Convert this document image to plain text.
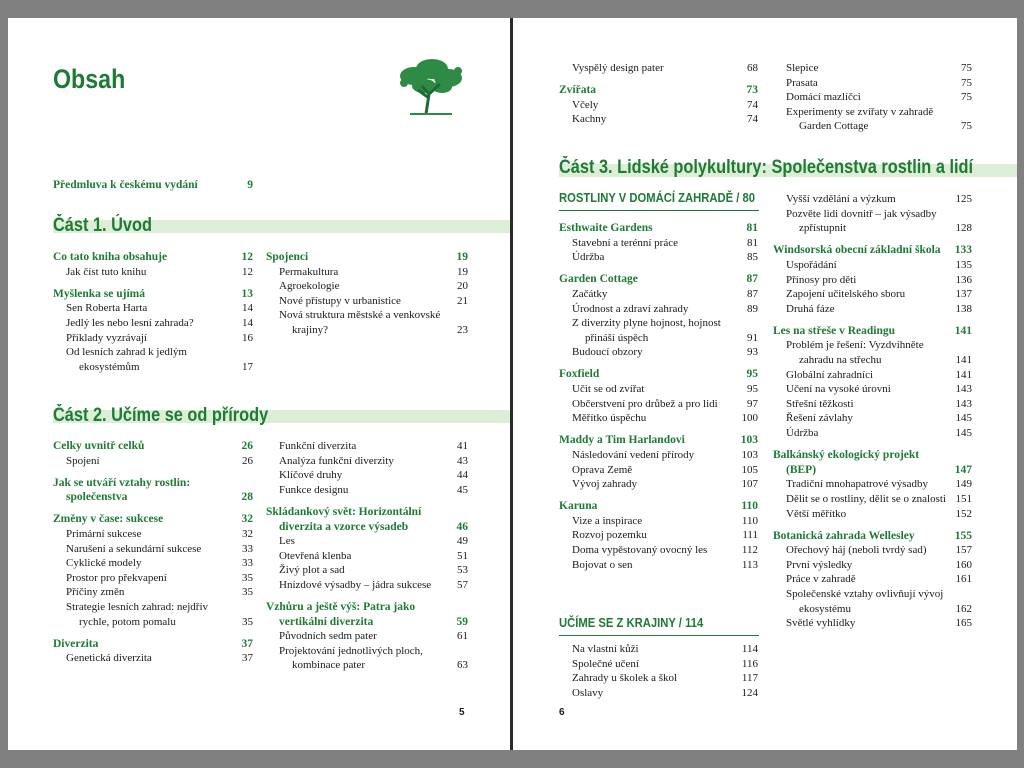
Obsah
Předmluva k českému vydání	9
Část 1. Úvod
Co tato kniha obsahuje	12
Jak číst tuto knihu	12
Myšlenka se ujímá	13
Sen Roberta Harta	14
Jedlý les nebo lesní zahrada?	14
Příklady vyzrávají	16
Od lesních zahrad k jedlým
ekosystémům	17
Spojenci	19
Permakultura	19
Agroekologie	20
Nové přístupy v urbanistice	21
Nová struktura městské a venkovské
krajiny?	23
Část 2. Učíme se od přírody
Celky uvnitř celků	26
Spojení	26
Jak se utváří vztahy rostlin:
společenstva	28
Změny v čase: sukcese	32
Primární sukcese	32
Narušení a sekundární sukcese	33
Cyklické modely	33
Prostor pro překvapení	35
Příčiny změn	35
Strategie lesních zahrad: nejdřív
rychle, potom pomalu	35
Diverzita	37
Genetická diverzita	37
Funkční diverzita	41
Analýza funkční diverzity	43
Klíčové druhy	44
Funkce designu	45
Skládankový svět: Horizontální
diverzita a vzorce výsadeb	46
Les	49
Otevřená klenba	51
Živý plot a sad	53
Hnízdové výsadby – jádra sukcese 57
Vzhůru a ještě výš: Patra jako
vertikální diverzita	59
Původních sedm pater	61
Projektování jednotlivých ploch,
kombinace pater	63
5
Vyspělý design pater	68
Zvířata	73
Včely	74
Kachny	74
Slepice	75
Prasata	75
Domácí mazlíčci	75
Experimenty se zvířaty v zahradě
Garden Cottage	75
Část 3. Lidské polykultury: Společenstva rostlin a lidí
ROSTLINY V DOMÁCÍ ZAHRADĚ / 80
Esthwaite Gardens	81
Stavební a terénní práce	81
Údržba	85
Garden Cottage	87
Začátky	87
Úrodnost a zdraví zahrady	89
Z diverzity plyne hojnost, hojnost
přináší úspěch	91
Budoucí obzory	93
Foxfield	95
Učit se od zvířat	95
Občerstvení pro drůbež a pro lidi	97
Měřítko úspěchu	100
Maddy a Tim Harlandovi	103
Následování vedení přírody	103
Oprava Země	105
Vývoj zahrady	107
Karuna	110
Vize a inspirace	110
Rozvoj pozemku	111
Doma vypěstovaný ovocný les	112
Bojovat o sen	113
UČÍME SE Z KRAJINY / 114
Na vlastní kůži	114
Společné učení	116
Zahrady u školek a škol	117
Oslavy	124
Vyšší vzdělání a výzkum	125
Pozvěte lidi dovnitř – jak výsadby
zpřístupnit	128
Windsorská obecní základní škola 133
Uspořádání	135
Přínosy pro děti	136
Zapojení učitelského sboru	137
Druhá fáze	138
Les na střeše v Readingu	141
Problém je řešení: Vyzdvihněte
zahradu na střechu	141
Globální zahradníci	141
Učení na vysoké úrovni	143
Střešní těžkosti	143
Řešení závlahy	145
Údržba	145
Balkánský ekologický projekt
(BEP)	147
Tradiční mnohapatrové výsadby	149
Dělit se o rostliny, dělit se o znalosti 151
Větší měřítko	152
Botanická zahrada Wellesley	155
Ořechový háj (neboli tvrdý sad)	157
První výsledky	160
Práce v zahradě	161
Společenské vztahy ovlivňují vývoj
ekosystému	162
Světlé vyhlídky	165
6
